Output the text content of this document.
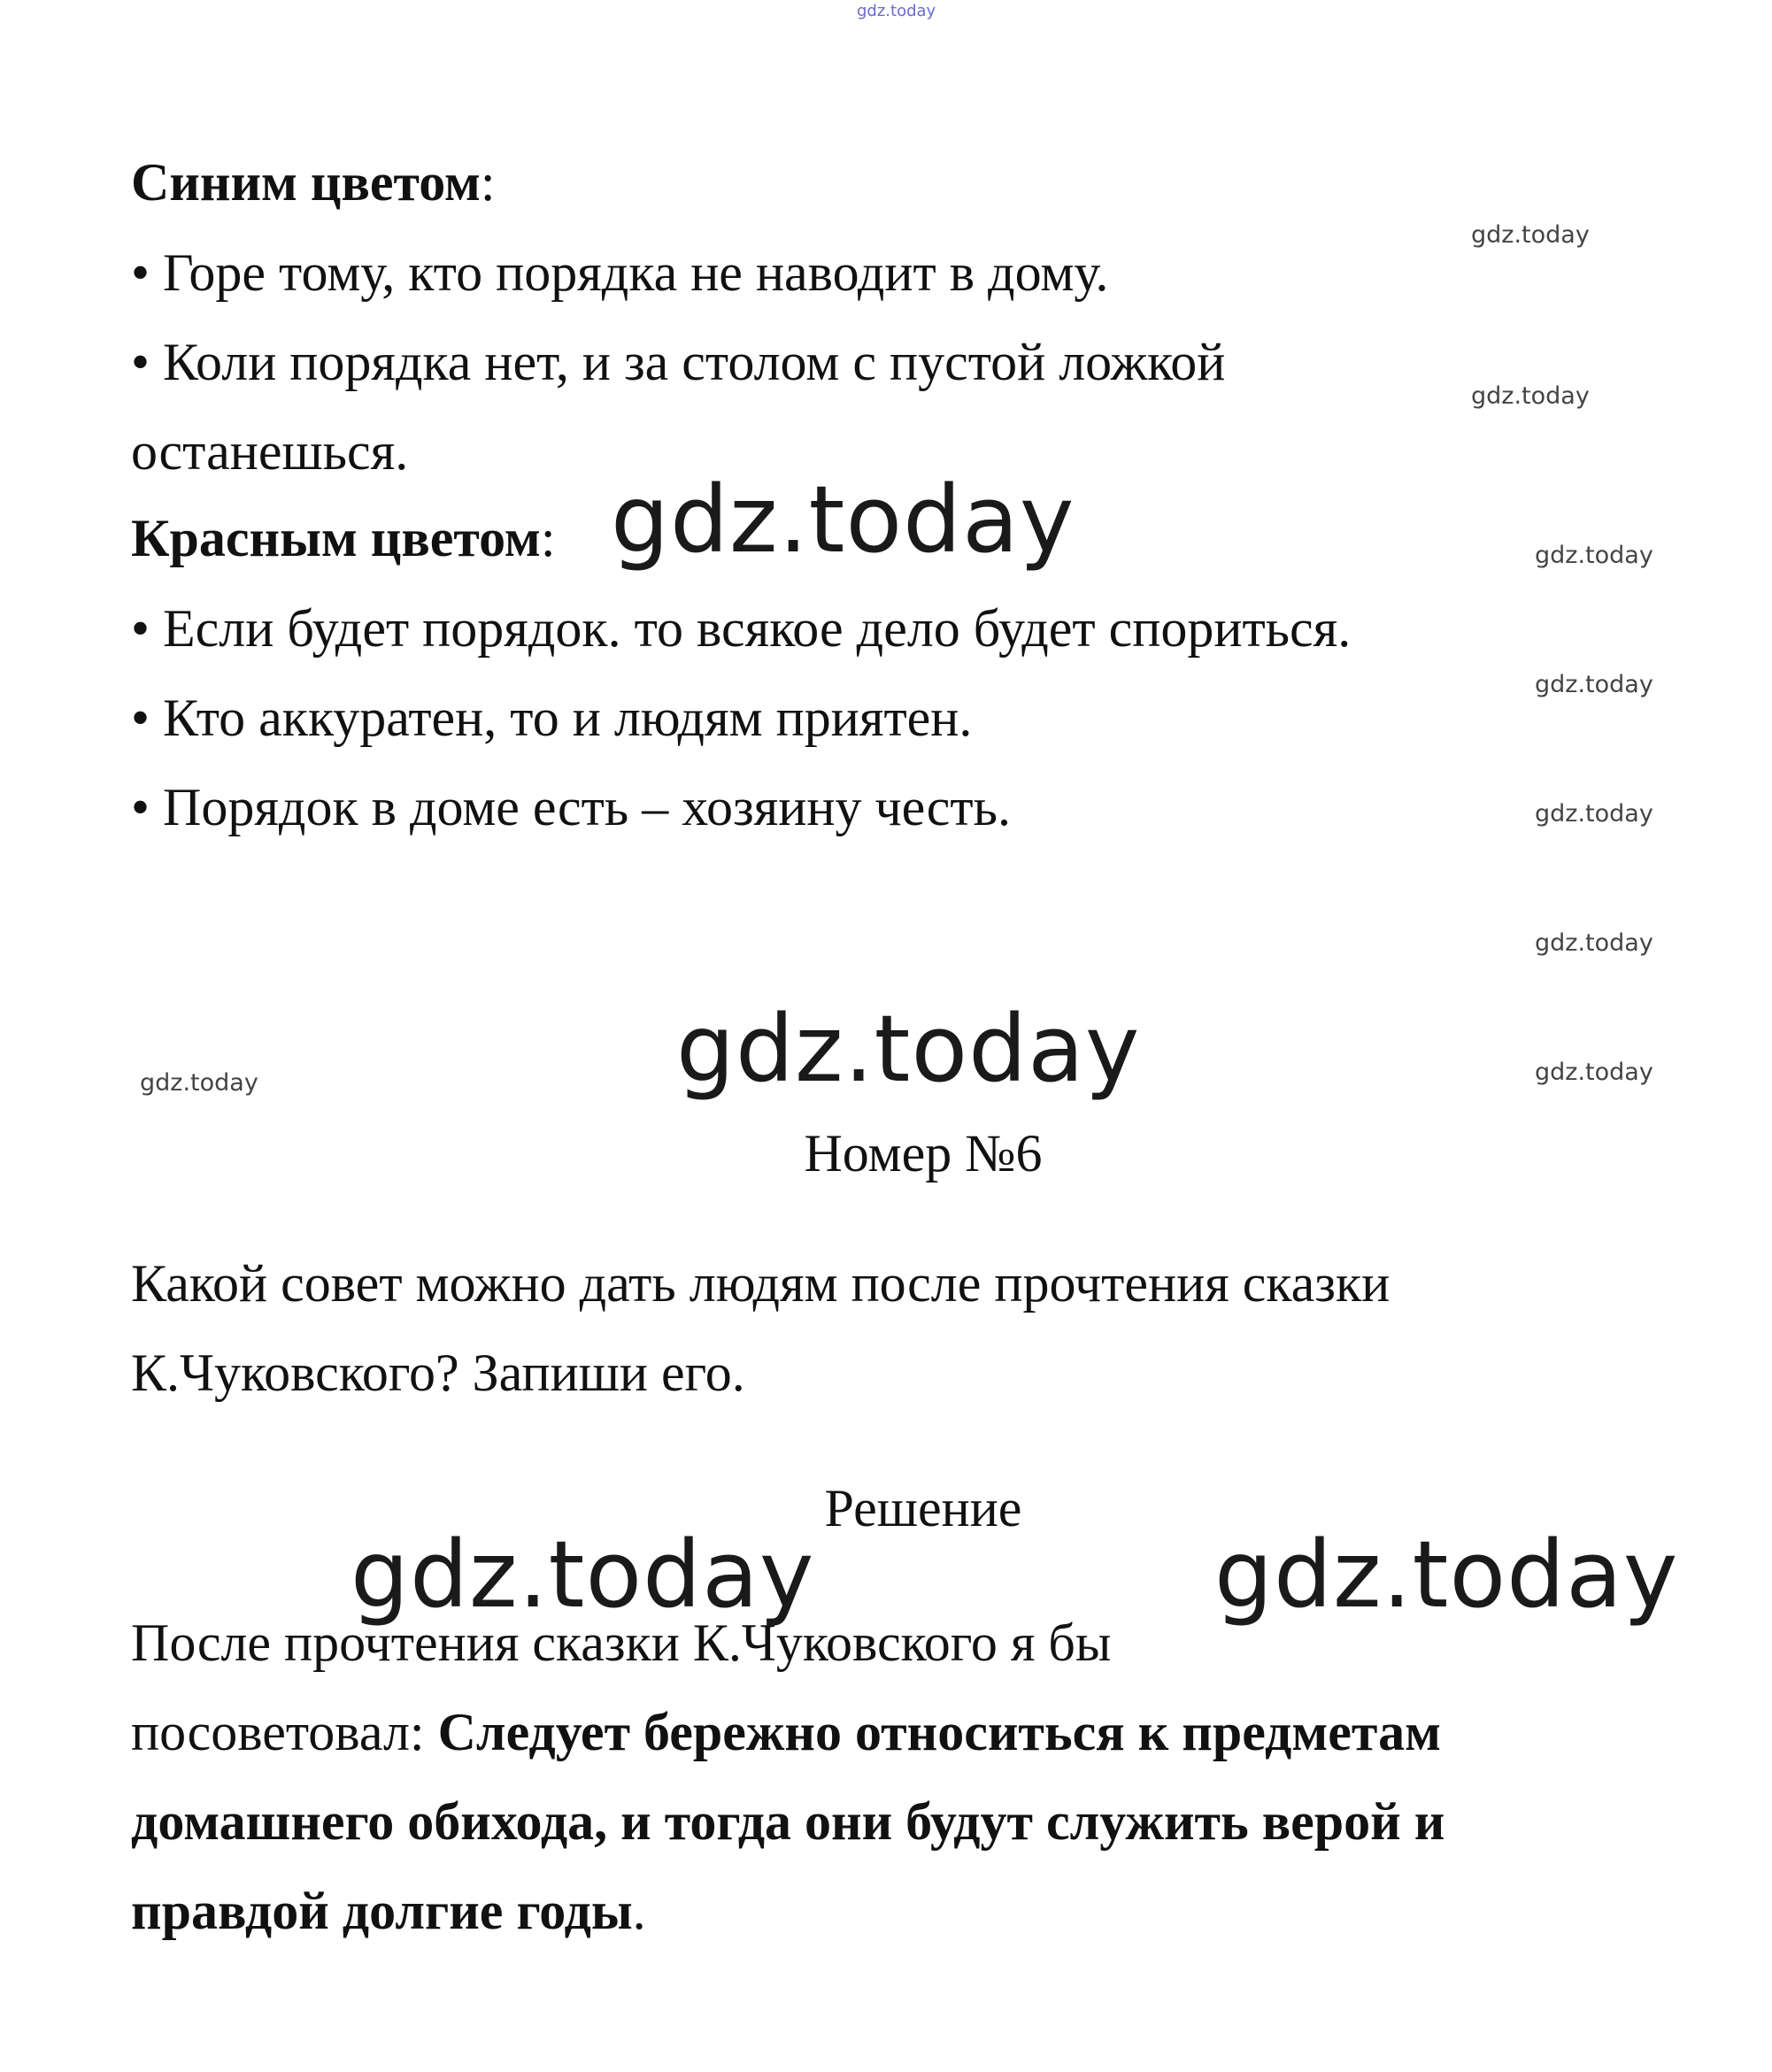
gdz.today
gdz.today
gdz.today
gdz.today
gdz.today
gdz.today
gdz.today
gdz.today
gdz.today
gdz.today
gdz.today
gdz.today	gdz.today
Синим цветом:
• Горе тому, кто порядка не наводит в дому.
• Коли порядка нет, и за столом с пустой ложкой
останешься.
Красным цветом:
• Если будет порядок. то всякое дело будет спориться.
• Кто аккуратен, то и людям приятен.
• Порядок в доме есть – хозяину честь.
Номер №6
Какой совет можно дать людям после прочтения сказки
К.Чуковского? Запиши его.
Решение
После прочтения сказки К.Чуковского я бы
посоветовал: Следует бережно относиться к предметам
домашнего обихода, и тогда они будут служить верой и
правдой долгие годы.
